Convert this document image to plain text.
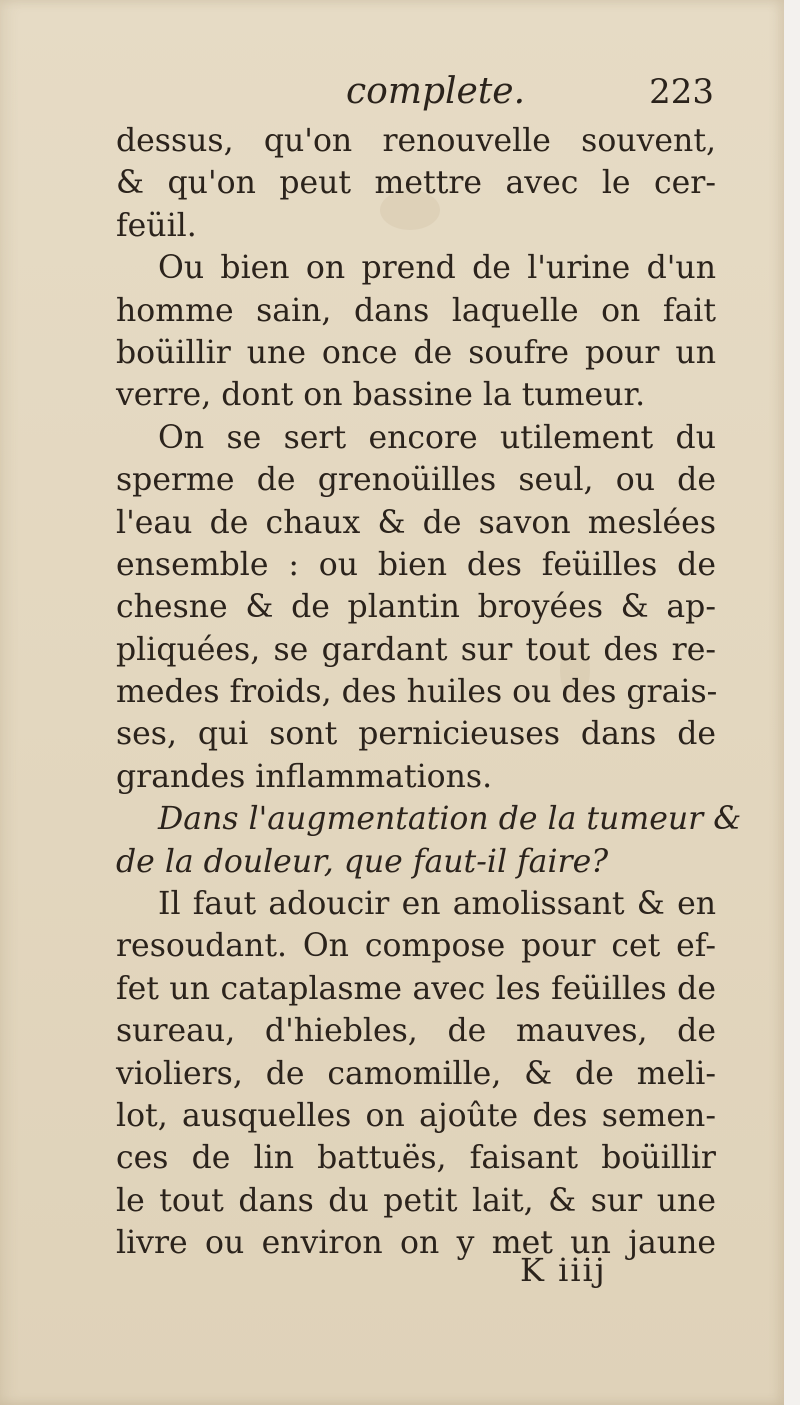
complete.	223
dessus, qu'on renouvelle souvent,
& qu'on peut mettre avec le cer-
feüil.
Ou bien on prend de l'urine d'un
homme sain, dans laquelle on fait
boüillir une once de soufre pour un
verre, dont on bassine la tumeur.
On se sert encore utilement du
sperme de grenoüilles seul, ou de
l'eau de chaux & de savon meslées
ensemble : ou bien des feüilles de
chesne & de plantin broyées & ap-
pliquées, se gardant sur tout des re-
medes froids, des huiles ou des grais-
ses, qui sont pernicieuses dans de
grandes inflammations.
Dans l'augmentation de la tumeur &
de la douleur, que faut-il faire?
Il faut adoucir en amolissant & en
resoudant. On compose pour cet ef-
fet un cataplasme avec les feüilles de
sureau, d'hiebles, de mauves, de
violiers, de camomille, & de meli-
lot, ausquelles on ajoûte des semen-
ces de lin battuës, faisant boüillir
le tout dans du petit lait, & sur une
livre ou environ on y met un jaune
K iiij
